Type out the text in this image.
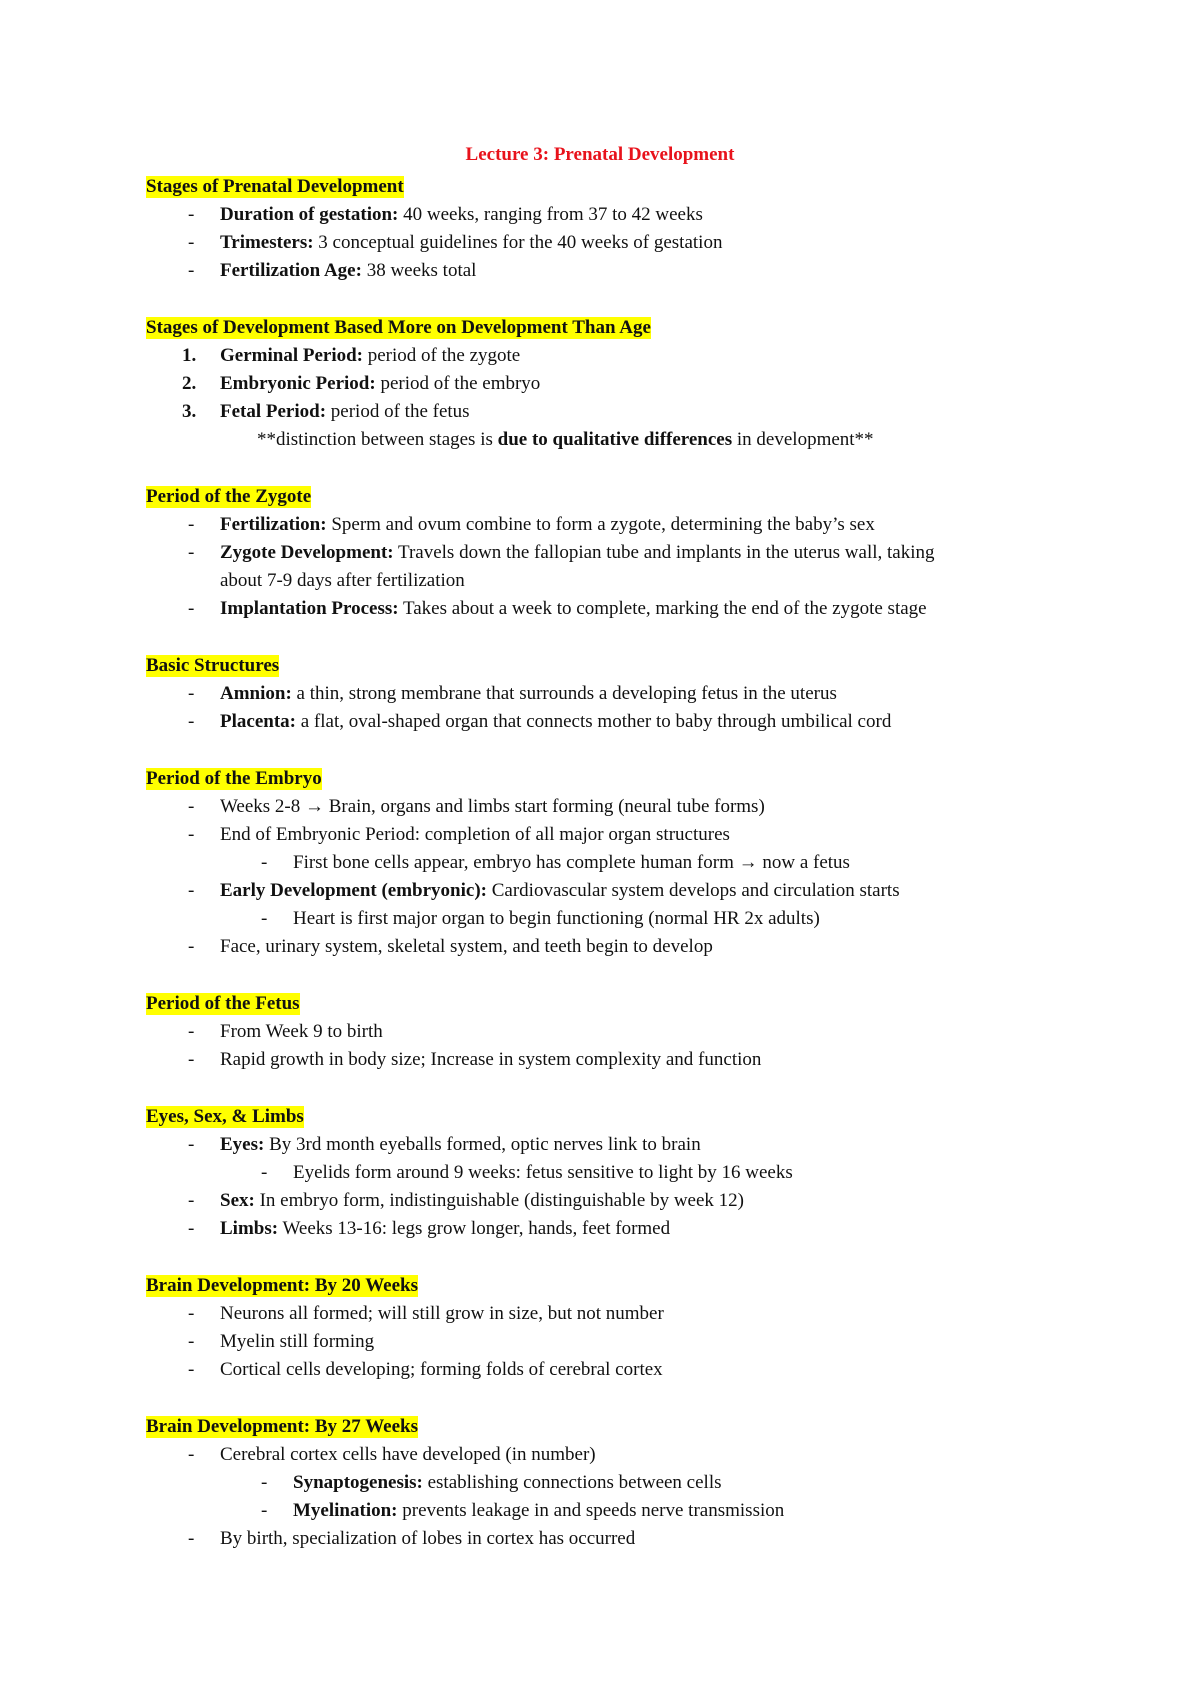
Lecture 3: Prenatal Development
Stages of Prenatal Development
- Duration of gestation: 40 weeks, ranging from 37 to 42 weeks
- Trimesters: 3 conceptual guidelines for the 40 weeks of gestation
- Fertilization Age: 38 weeks total
Stages of Development Based More on Development Than Age
1. Germinal Period: period of the zygote
2. Embryonic Period: period of the embryo
3. Fetal Period: period of the fetus
**distinction between stages is due to qualitative differences in development**
Period of the Zygote
- Fertilization: Sperm and ovum combine to form a zygote, determining the baby’s sex
- Zygote Development: Travels down the fallopian tube and implants in the uterus wall, taking
about 7-9 days after fertilization
- Implantation Process: Takes about a week to complete, marking the end of the zygote stage
Basic Structures
- Amnion: a thin, strong membrane that surrounds a developing fetus in the uterus
- Placenta: a flat, oval-shaped organ that connects mother to baby through umbilical cord
Period of the Embryo
- Weeks 2-8 → Brain, organs and limbs start forming (neural tube forms)
- End of Embryonic Period: completion of all major organ structures
- First bone cells appear, embryo has complete human form → now a fetus
- Early Development (embryonic): Cardiovascular system develops and circulation starts
- Heart is first major organ to begin functioning (normal HR 2x adults)
- Face, urinary system, skeletal system, and teeth begin to develop
Period of the Fetus
- From Week 9 to birth
- Rapid growth in body size; Increase in system complexity and function
Eyes, Sex, & Limbs
- Eyes: By 3rd month eyeballs formed, optic nerves link to brain
- Eyelids form around 9 weeks: fetus sensitive to light by 16 weeks
- Sex: In embryo form, indistinguishable (distinguishable by week 12)
- Limbs: Weeks 13-16: legs grow longer, hands, feet formed
Brain Development: By 20 Weeks
- Neurons all formed; will still grow in size, but not number
- Myelin still forming
- Cortical cells developing; forming folds of cerebral cortex
Brain Development: By 27 Weeks
- Cerebral cortex cells have developed (in number)
- Synaptogenesis: establishing connections between cells
- Myelination: prevents leakage in and speeds nerve transmission
- By birth, specialization of lobes in cortex has occurred
